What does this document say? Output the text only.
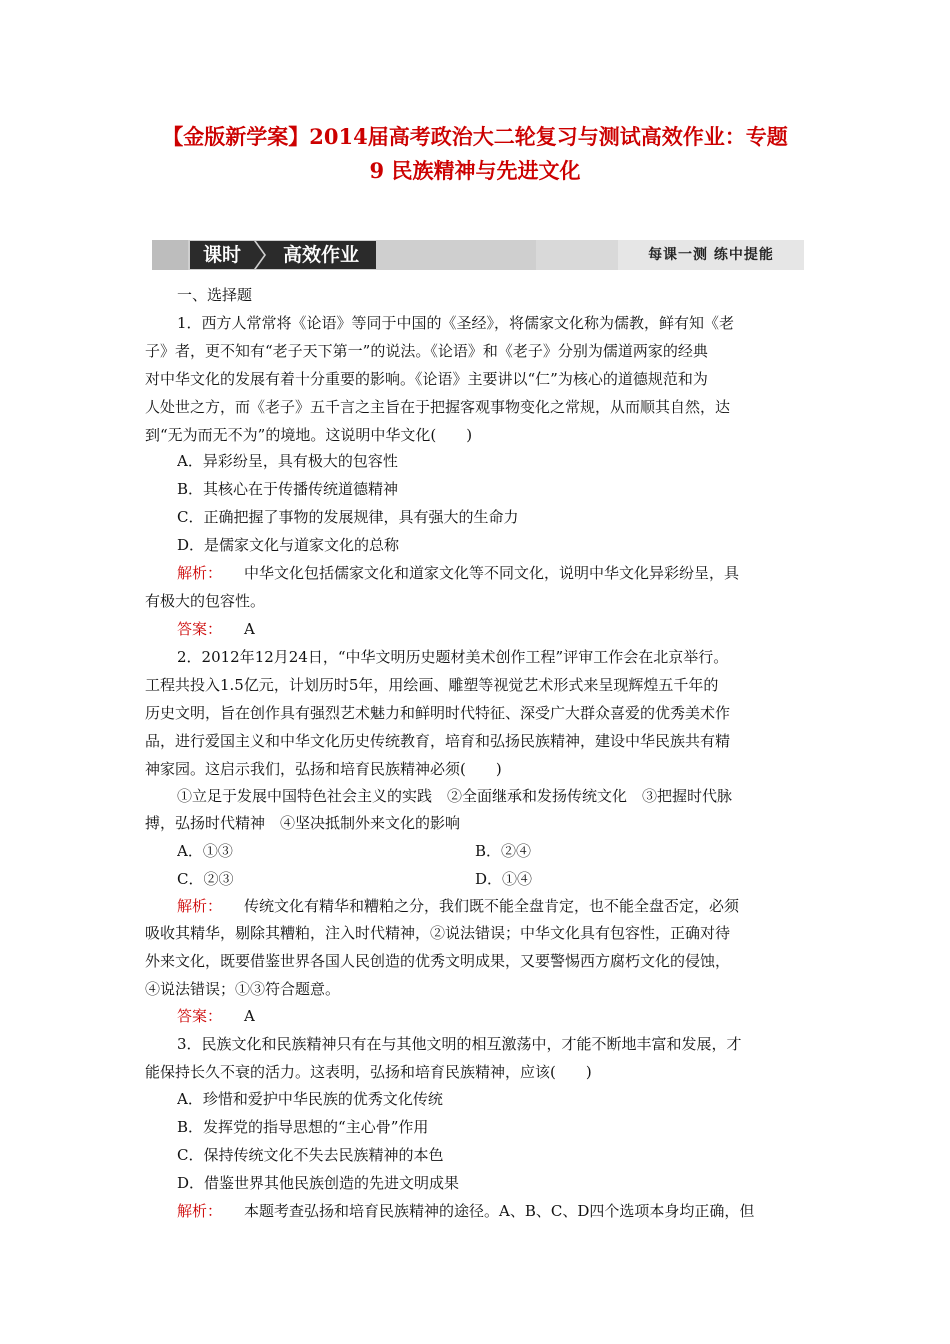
【金版新学案】2014届高考政治大二轮复习与测试高效作业：专题
9 民族精神与先进文化
课时	高效作业	每课一测 练中提能
一、选择题
1．西方人常常将《论语》等同于中国的《圣经》，将儒家文化称为儒教，鲜有知《老
子》者，更不知有“老子天下第一”的说法。《论语》和《老子》分别为儒道两家的经典
对中华文化的发展有着十分重要的影响。《论语》主要讲以“仁”为核心的道德规范和为
人处世之方，而《老子》五千言之主旨在于把握客观事物变化之常规，从而顺其自然，达
到“无为而无不为”的境地。这说明中华文化(　　)
A．异彩纷呈，具有极大的包容性
B．其核心在于传播传统道德精神
C．正确把握了事物的发展规律，具有强大的生命力
D．是儒家文化与道家文化的总称
解析： 中华文化包括儒家文化和道家文化等不同文化，说明中华文化异彩纷呈，具
有极大的包容性。
答案： A
2．2012年12月24日，“中华文明历史题材美术创作工程”评审工作会在北京举行。
工程共投入1.5亿元，计划历时5年，用绘画、雕塑等视觉艺术形式来呈现辉煌五千年的
历史文明，旨在创作具有强烈艺术魅力和鲜明时代特征、深受广大群众喜爱的优秀美术作
品，进行爱国主义和中华文化历史传统教育，培育和弘扬民族精神，建设中华民族共有精
神家园。这启示我们，弘扬和培育民族精神必须(　　)
①立足于发展中国特色社会主义的实践　②全面继承和发扬传统文化　③把握时代脉
搏，弘扬时代精神　④坚决抵制外来文化的影响
A．①③	B．②④
C．②③	D．①④
解析： 传统文化有精华和糟粕之分，我们既不能全盘肯定，也不能全盘否定，必须
吸收其精华，剔除其糟粕，注入时代精神，②说法错误；中华文化具有包容性，正确对待
外来文化，既要借鉴世界各国人民创造的优秀文明成果，又要警惕西方腐朽文化的侵蚀，
④说法错误；①③符合题意。
答案： A
3．民族文化和民族精神只有在与其他文明的相互激荡中，才能不断地丰富和发展，才
能保持长久不衰的活力。这表明，弘扬和培育民族精神，应该(　　)
A．珍惜和爱护中华民族的优秀文化传统
B．发挥党的指导思想的“主心骨”作用
C．保持传统文化不失去民族精神的本色
D．借鉴世界其他民族创造的先进文明成果
解析： 本题考查弘扬和培育民族精神的途径。A、B、C、D四个选项本身均正确，但
